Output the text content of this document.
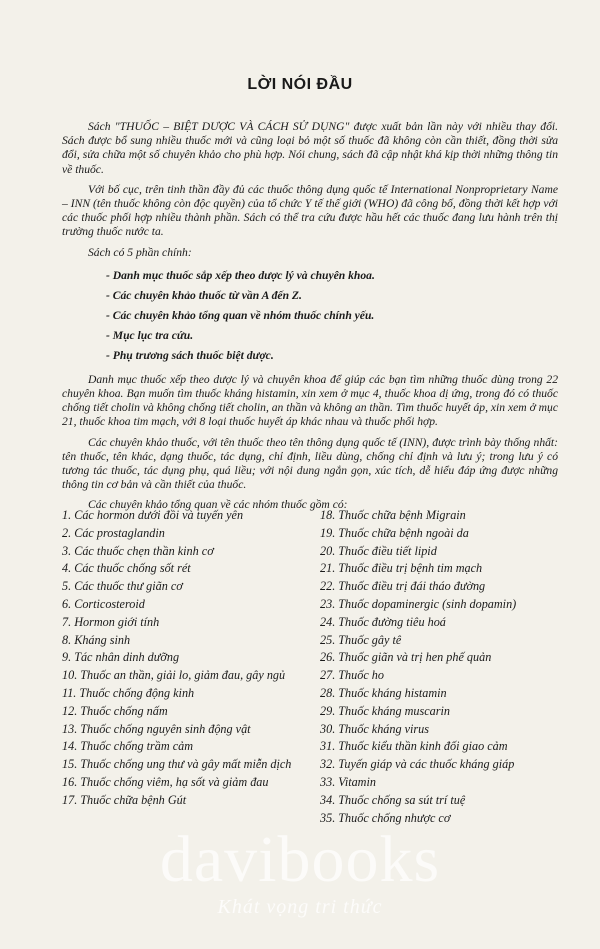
LỜI NÓI ĐẦU

Sách "THUỐC – BIỆT DƯỢC VÀ CÁCH SỬ DỤNG" được xuất bản lần này với nhiều thay đổi. Sách được bổ sung nhiều thuốc mới và cũng loại bỏ một số thuốc đã không còn cần thiết, đồng thời sửa đổi, sửa chữa một số chuyên khảo cho phù hợp. Nói chung, sách đã cập nhật khá kịp thời những thông tin về thuốc.

Với bố cục, trên tinh thần đầy đủ các thuốc thông dụng quốc tế International Nonproprietary Name – INN (tên thuốc không còn độc quyền) của tổ chức Y tế thế giới (WHO) đã công bố, đồng thời kết hợp với các thuốc phối hợp nhiều thành phần. Sách có thể tra cứu được hầu hết các thuốc đang lưu hành trên thị trường thuốc nước ta.

Sách có 5 phần chính:

- Danh mục thuốc sắp xếp theo dược lý và chuyên khoa.
- Các chuyên khảo thuốc từ vần A đến Z.
- Các chuyên khảo tổng quan về nhóm thuốc chính yếu.
- Mục lục tra cứu.
- Phụ trương sách thuốc biệt dược.

Danh mục thuốc xếp theo dược lý và chuyên khoa để giúp các bạn tìm những thuốc dùng trong 22 chuyên khoa. Bạn muốn tìm thuốc kháng histamin, xin xem ở mục 4, thuốc khoa dị ứng, trong đó có thuốc chống tiết cholin và không chống tiết cholin, an thần và không an thần. Tìm thuốc huyết áp, xin xem ở mục 21, thuốc khoa tim mạch, với 8 loại thuốc huyết áp khác nhau và thuốc phối hợp.

Các chuyên khảo thuốc, với tên thuốc theo tên thông dụng quốc tế (INN), được trình bày thống nhất: tên thuốc, tên khác, dạng thuốc, tác dụng, chỉ định, liều dùng, chống chỉ định và lưu ý; trong lưu ý có tương tác thuốc, tác dụng phụ, quá liều; với nội dung ngắn gọn, xúc tích, dễ hiểu đáp ứng được những thông tin cơ bản và cần thiết của thuốc.

Các chuyên khảo tổng quan về các nhóm thuốc gồm có:

1. Các hormon dưới đồi và tuyến yên
2. Các prostaglandin
3. Các thuốc chẹn thần kinh cơ
4. Các thuốc chống sốt rét
5. Các thuốc thư giãn cơ
6. Corticosteroid
7. Hormon giới tính
8. Kháng sinh
9. Tác nhân dinh dưỡng
10. Thuốc an thần, giải lo, giảm đau, gây ngủ
11. Thuốc chống động kinh
12. Thuốc chống nấm
13. Thuốc chống nguyên sinh động vật
14. Thuốc chống trầm cảm
15. Thuốc chống ung thư và gây mất miễn dịch
16. Thuốc chống viêm, hạ sốt và giảm đau
17. Thuốc chữa bệnh Gút
18. Thuốc chữa bệnh Migrain
19. Thuốc chữa bệnh ngoài da
20. Thuốc điều tiết lipid
21. Thuốc điều trị bệnh tim mạch
22. Thuốc điều trị đái tháo đường
23. Thuốc dopaminergic (sinh dopamin)
24. Thuốc đường tiêu hoá
25. Thuốc gây tê
26. Thuốc giãn và trị hen phế quản
27. Thuốc ho
28. Thuốc kháng histamin
29. Thuốc kháng muscarin
30. Thuốc kháng virus
31. Thuốc kiểu thần kinh đối giao cảm
32. Tuyến giáp và các thuốc kháng giáp
33. Vitamin
34. Thuốc chống sa sút trí tuệ
35. Thuốc chống nhược cơ
davibooks
Khát vọng tri thức
